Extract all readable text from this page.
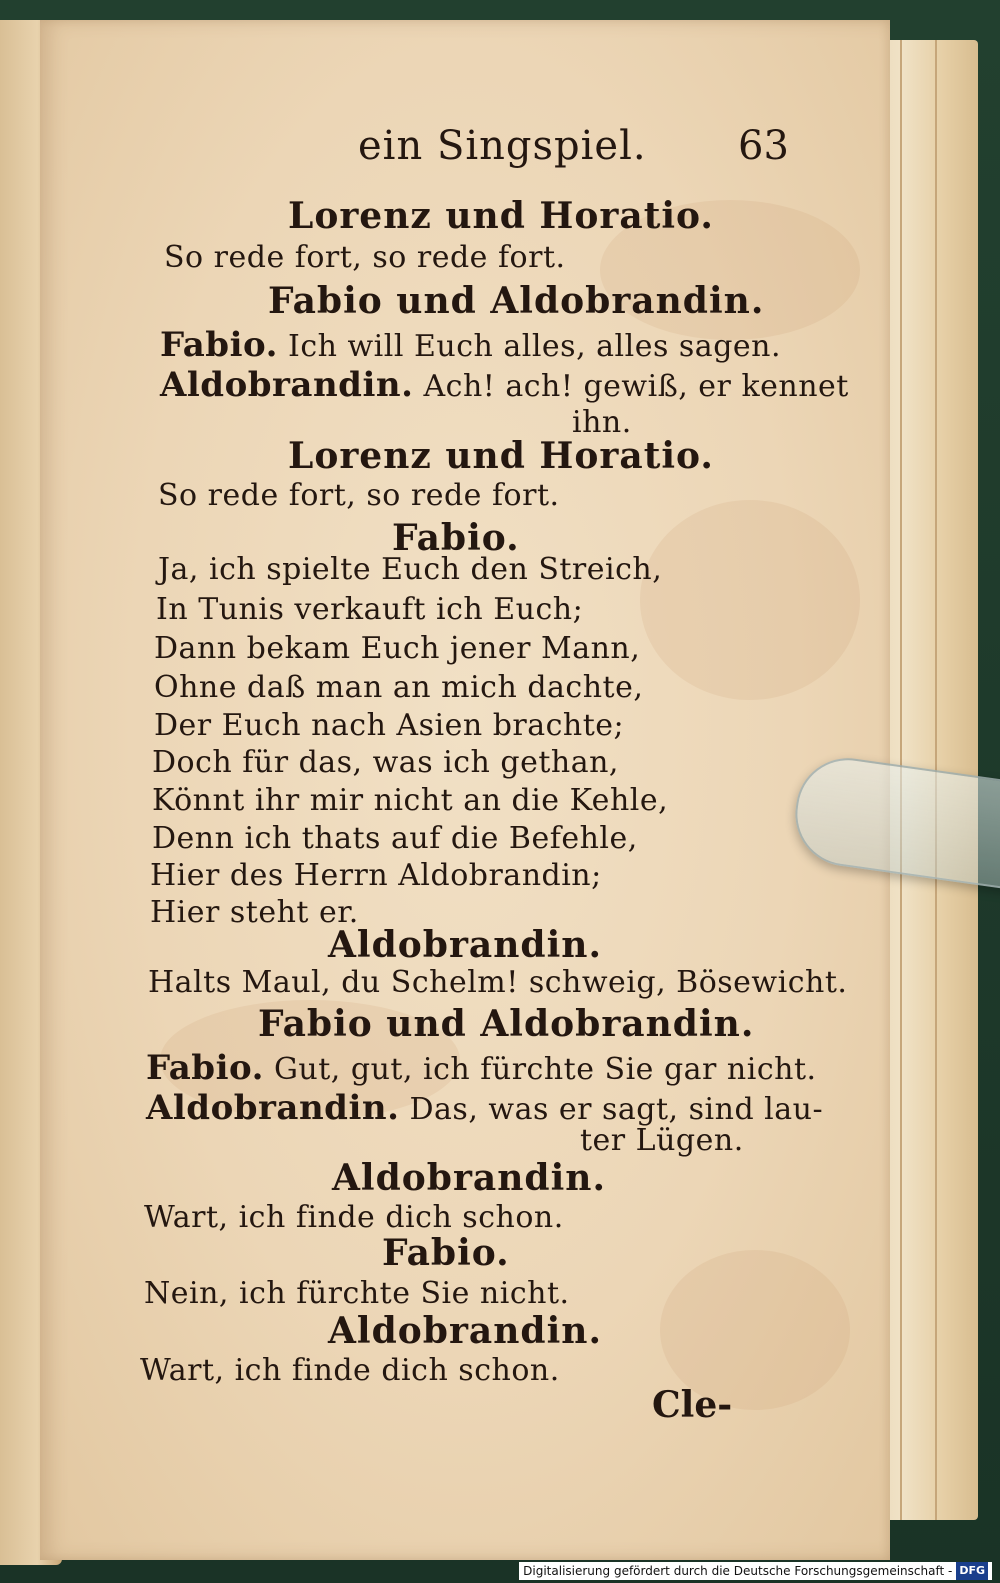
ein Singspiel. 63
Lorenz und Horatio.
So rede fort, so rede fort.
Fabio und Aldobrandin.
Fabio. Ich will Euch alles, alles sagen.
Aldobrandin. Ach! ach! gewiß, er kennet
ihn.
Lorenz und Horatio.
So rede fort, so rede fort.
Fabio.
Ja, ich spielte Euch den Streich,
In Tunis verkauft ich Euch;
Dann bekam Euch jener Mann,
Ohne daß man an mich dachte,
Der Euch nach Asien brachte;
Doch für das, was ich gethan,
Könnt ihr mir nicht an die Kehle,
Denn ich thats auf die Befehle,
Hier des Herrn Aldobrandin;
Hier steht er.
Aldobrandin.
Halts Maul, du Schelm! schweig, Bösewicht.
Fabio und Aldobrandin.
Fabio. Gut, gut, ich fürchte Sie gar nicht.
Aldobrandin. Das, was er sagt, sind lau-
ter Lügen.
Aldobrandin.
Wart, ich finde dich schon.
Fabio.
Nein, ich fürchte Sie nicht.
Aldobrandin.
Wart, ich finde dich schon.
Cle-
Digitalisierung gefördert durch die Deutsche Forschungsgemeinschaft - DFG
